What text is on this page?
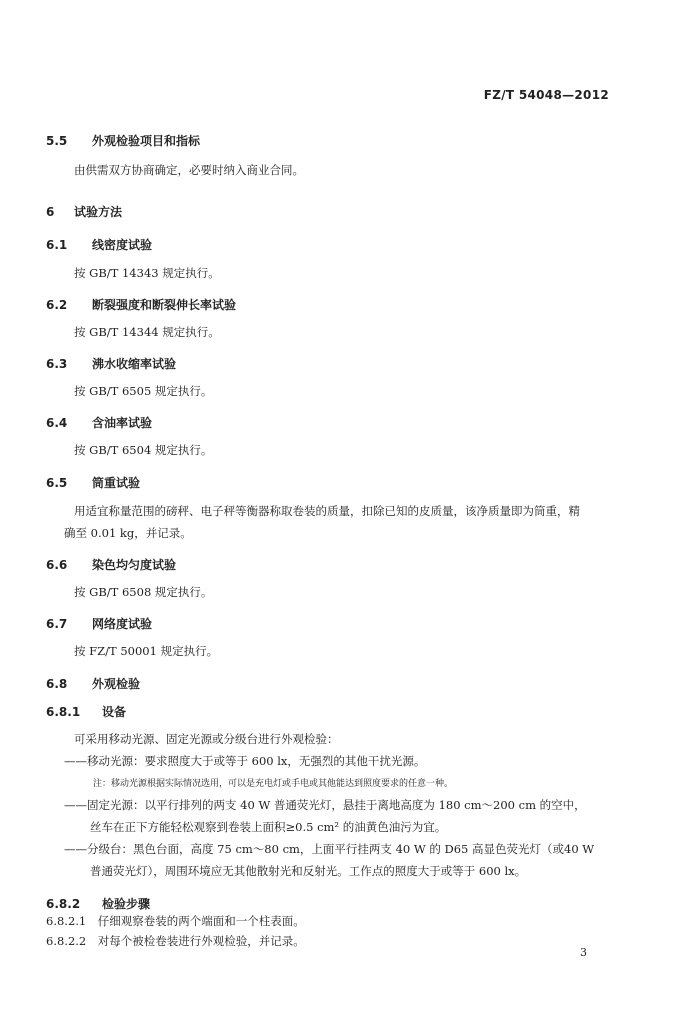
FZ/T 54048—2012
5.5 外观检验项目和指标
由供需双方协商确定，必要时纳入商业合同。
6 试验方法
6.1 线密度试验
按 GB/T 14343 规定执行。
6.2 断裂强度和断裂伸长率试验
按 GB/T 14344 规定执行。
6.3 沸水收缩率试验
按 GB/T 6505 规定执行。
6.4 含油率试验
按 GB/T 6504 规定执行。
6.5 筒重试验
用适宜称量范围的磅秤、电子秤等衡器称取卷装的质量，扣除已知的皮质量，该净质量即为筒重，精
确至 0.01 kg，并记录。
6.6 染色均匀度试验
按 GB/T 6508 规定执行。
6.7 网络度试验
按 FZ/T 50001 规定执行。
6.8 外观检验
6.8.1 设备
可采用移动光源、固定光源或分级台进行外观检验：
——移动光源：要求照度大于或等于 600 lx，无强烈的其他干扰光源。
注：移动光源根据实际情况选用，可以是充电灯或手电或其他能达到照度要求的任意一种。
——固定光源：以平行排列的两支 40 W 普通荧光灯，悬挂于离地高度为 180 cm～200 cm 的空中，
丝车在正下方能轻松观察到卷装上面积≥0.5 cm² 的油黄色油污为宜。
——分级台：黑色台面，高度 75 cm～80 cm，上面平行挂两支 40 W 的 D65 高显色荧光灯（或40 W
普通荧光灯），周围环境应无其他散射光和反射光。工作点的照度大于或等于 600 lx。
6.8.2 检验步骤
6.8.2.1　仔细观察卷装的两个端面和一个柱表面。
6.8.2.2　对每个被检卷装进行外观检验，并记录。
3
